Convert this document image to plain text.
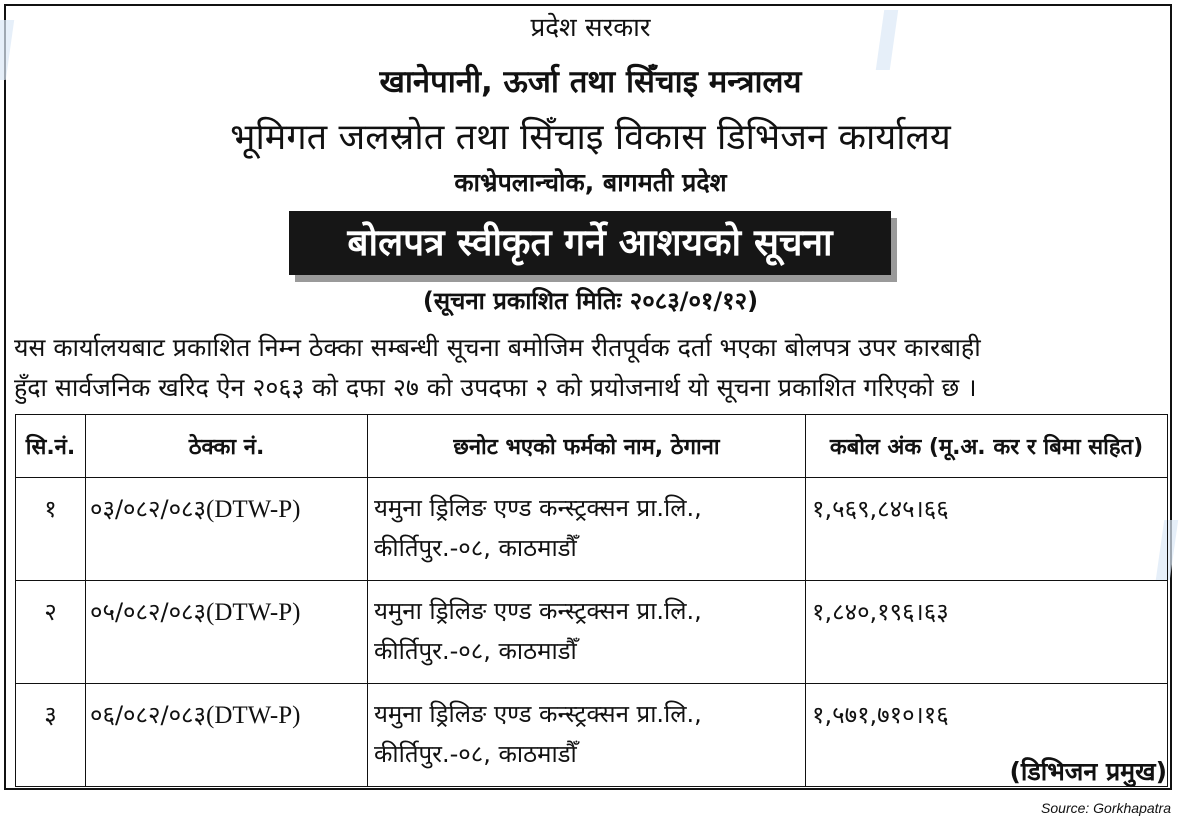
प्रदेश सरकार
खानेपानी, ऊर्जा तथा सिँचाइ मन्त्रालय
भूमिगत जलस्रोत तथा सिँचाइ विकास डिभिजन कार्यालय
काभ्रेपलान्चोक, बागमती प्रदेश
बोलपत्र स्वीकृत गर्ने आशयको सूचना
(सूचना प्रकाशित मितिः २०८३/०१/१२)
यस कार्यालयबाट प्रकाशित निम्न ठेक्का सम्बन्धी सूचना बमोजिम रीतपूर्वक दर्ता भएका बोलपत्र उपर कारबाही
हुँदा सार्वजनिक खरिद ऐन २०६३ को दफा २७ को उपदफा २ को प्रयोजनार्थ यो सूचना प्रकाशित गरिएको छ ।
सि.नं.	ठेक्का नं.	छनोट भएको फर्मको नाम, ठेगाना	कबोल अंक (मू.अ. कर र बिमा सहित)
१	०३/०८२/०८३(DTW-P)	यमुना ड्रिलिङ एण्ड कन्स्ट्रक्सन प्रा.लि.,
कीर्तिपुर.-०८, काठमाडौँ	१,५६९,८४५।६६
२	०५/०८२/०८३(DTW-P)	यमुना ड्रिलिङ एण्ड कन्स्ट्रक्सन प्रा.लि.,
कीर्तिपुर.-०८, काठमाडौँ	१,८४०,१९६।६३
३	०६/०८२/०८३(DTW-P)	यमुना ड्रिलिङ एण्ड कन्स्ट्रक्सन प्रा.लि.,
कीर्तिपुर.-०८, काठमाडौँ	१,५७१,७१०।१६
(डिभिजन प्रमुख)
Source: Gorkhapatra
